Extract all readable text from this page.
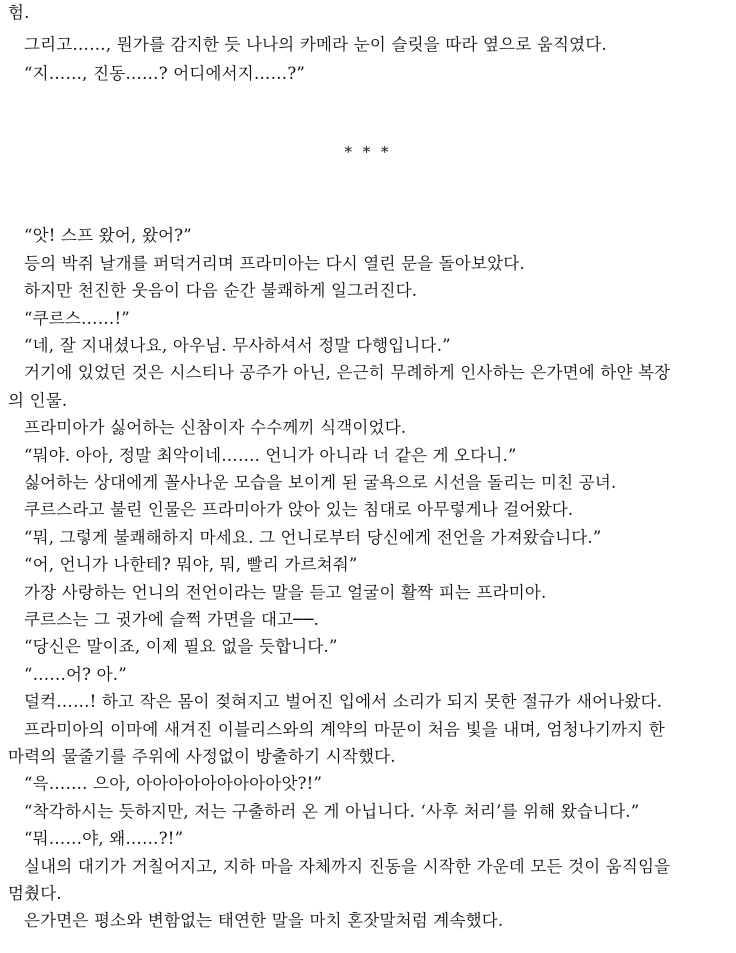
험.
그리고……, 뭔가를 감지한 듯 나나의 카메라 눈이 슬릿을 따라 옆으로 움직였다.
“지……, 진동……? 어디에서지……?”
* * *
“앗! 스프 왔어, 왔어?”
등의 박쥐 날개를 퍼덕거리며 프라미아는 다시 열린 문을 돌아보았다.
하지만 천진한 웃음이 다음 순간 불쾌하게 일그러진다.
“쿠르스……!”
“네, 잘 지내셨나요, 아우님. 무사하셔서 정말 다행입니다.”
거기에 있었던 것은 시스티나 공주가 아닌, 은근히 무례하게 인사하는 은가면에 하얀 복장
의 인물.
프라미아가 싫어하는 신참이자 수수께끼 식객이었다.
“뭐야. 아아, 정말 최악이네……. 언니가 아니라 너 같은 게 오다니.”
싫어하는 상대에게 꼴사나운 모습을 보이게 된 굴욕으로 시선을 돌리는 미친 공녀.
쿠르스라고 불린 인물은 프라미아가 앉아 있는 침대로 아무렇게나 걸어왔다.
“뭐, 그렇게 불쾌해하지 마세요. 그 언니로부터 당신에게 전언을 가져왔습니다.”
“어, 언니가 나한테? 뭐야, 뭐, 빨리 가르쳐줘”
가장 사랑하는 언니의 전언이라는 말을 듣고 얼굴이 활짝 피는 프라미아.
쿠르스는 그 귓가에 슬쩍 가면을 대고──.
“당신은 말이죠, 이제 필요 없을 듯합니다.”
“……어? 아.”
덜컥……! 하고 작은 몸이 젖혀지고 벌어진 입에서 소리가 되지 못한 절규가 새어나왔다.
프라미아의 이마에 새겨진 이블리스와의 계약의 마문이 처음 빛을 내며, 엄청나기까지 한
마력의 물줄기를 주위에 사정없이 방출하기 시작했다.
“윽……. 으아, 아아아아아아아아아앗?!”
“착각하시는 듯하지만, 저는 구출하러 온 게 아닙니다. ‘사후 처리’를 위해 왔습니다.”
“뭐……야, 왜……?!”
실내의 대기가 거칠어지고, 지하 마을 자체까지 진동을 시작한 가운데 모든 것이 움직임을
멈췄다.
은가면은 평소와 변함없는 태연한 말을 마치 혼잣말처럼 계속했다.
